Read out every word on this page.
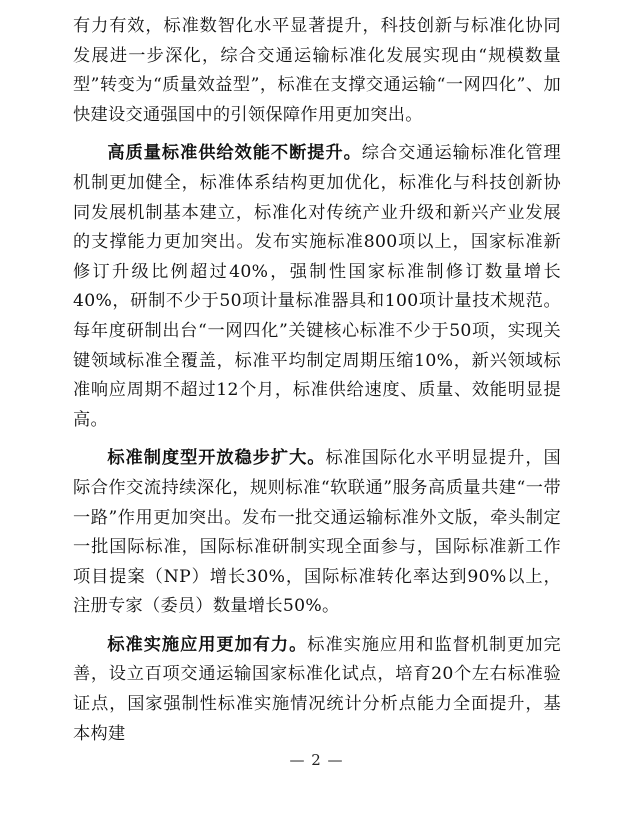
有力有效，标准数智化水平显著提升，科技创新与标准化协同发展进一步深化，综合交通运输标准化发展实现由“规模数量型”转变为“质量效益型”，标准在支撑交通运输“一网四化”、加快建设交通强国中的引领保障作用更加突出。

高质量标准供给效能不断提升。综合交通运输标准化管理机制更加健全，标准体系结构更加优化，标准化与科技创新协同发展机制基本建立，标准化对传统产业升级和新兴产业发展的支撑能力更加突出。发布实施标准800项以上，国家标准新修订升级比例超过40%，强制性国家标准制修订数量增长40%，研制不少于50项计量标准器具和100项计量技术规范。每年度研制出台“一网四化”关键核心标准不少于50项，实现关键领域标准全覆盖，标准平均制定周期压缩10%，新兴领域标准响应周期不超过12个月，标准供给速度、质量、效能明显提高。

标准制度型开放稳步扩大。标准国际化水平明显提升，国际合作交流持续深化，规则标准“软联通”服务高质量共建“一带一路”作用更加突出。发布一批交通运输标准外文版，牵头制定一批国际标准，国际标准研制实现全面参与，国际标准新工作项目提案（NP）增长30%，国际标准转化率达到90%以上，注册专家（委员）数量增长50%。

标准实施应用更加有力。标准实施应用和监督机制更加完善，设立百项交通运输国家标准化试点，培育20个左右标准验证点，国家强制性标准实施情况统计分析点能力全面提升，基本构建

— 2 —
